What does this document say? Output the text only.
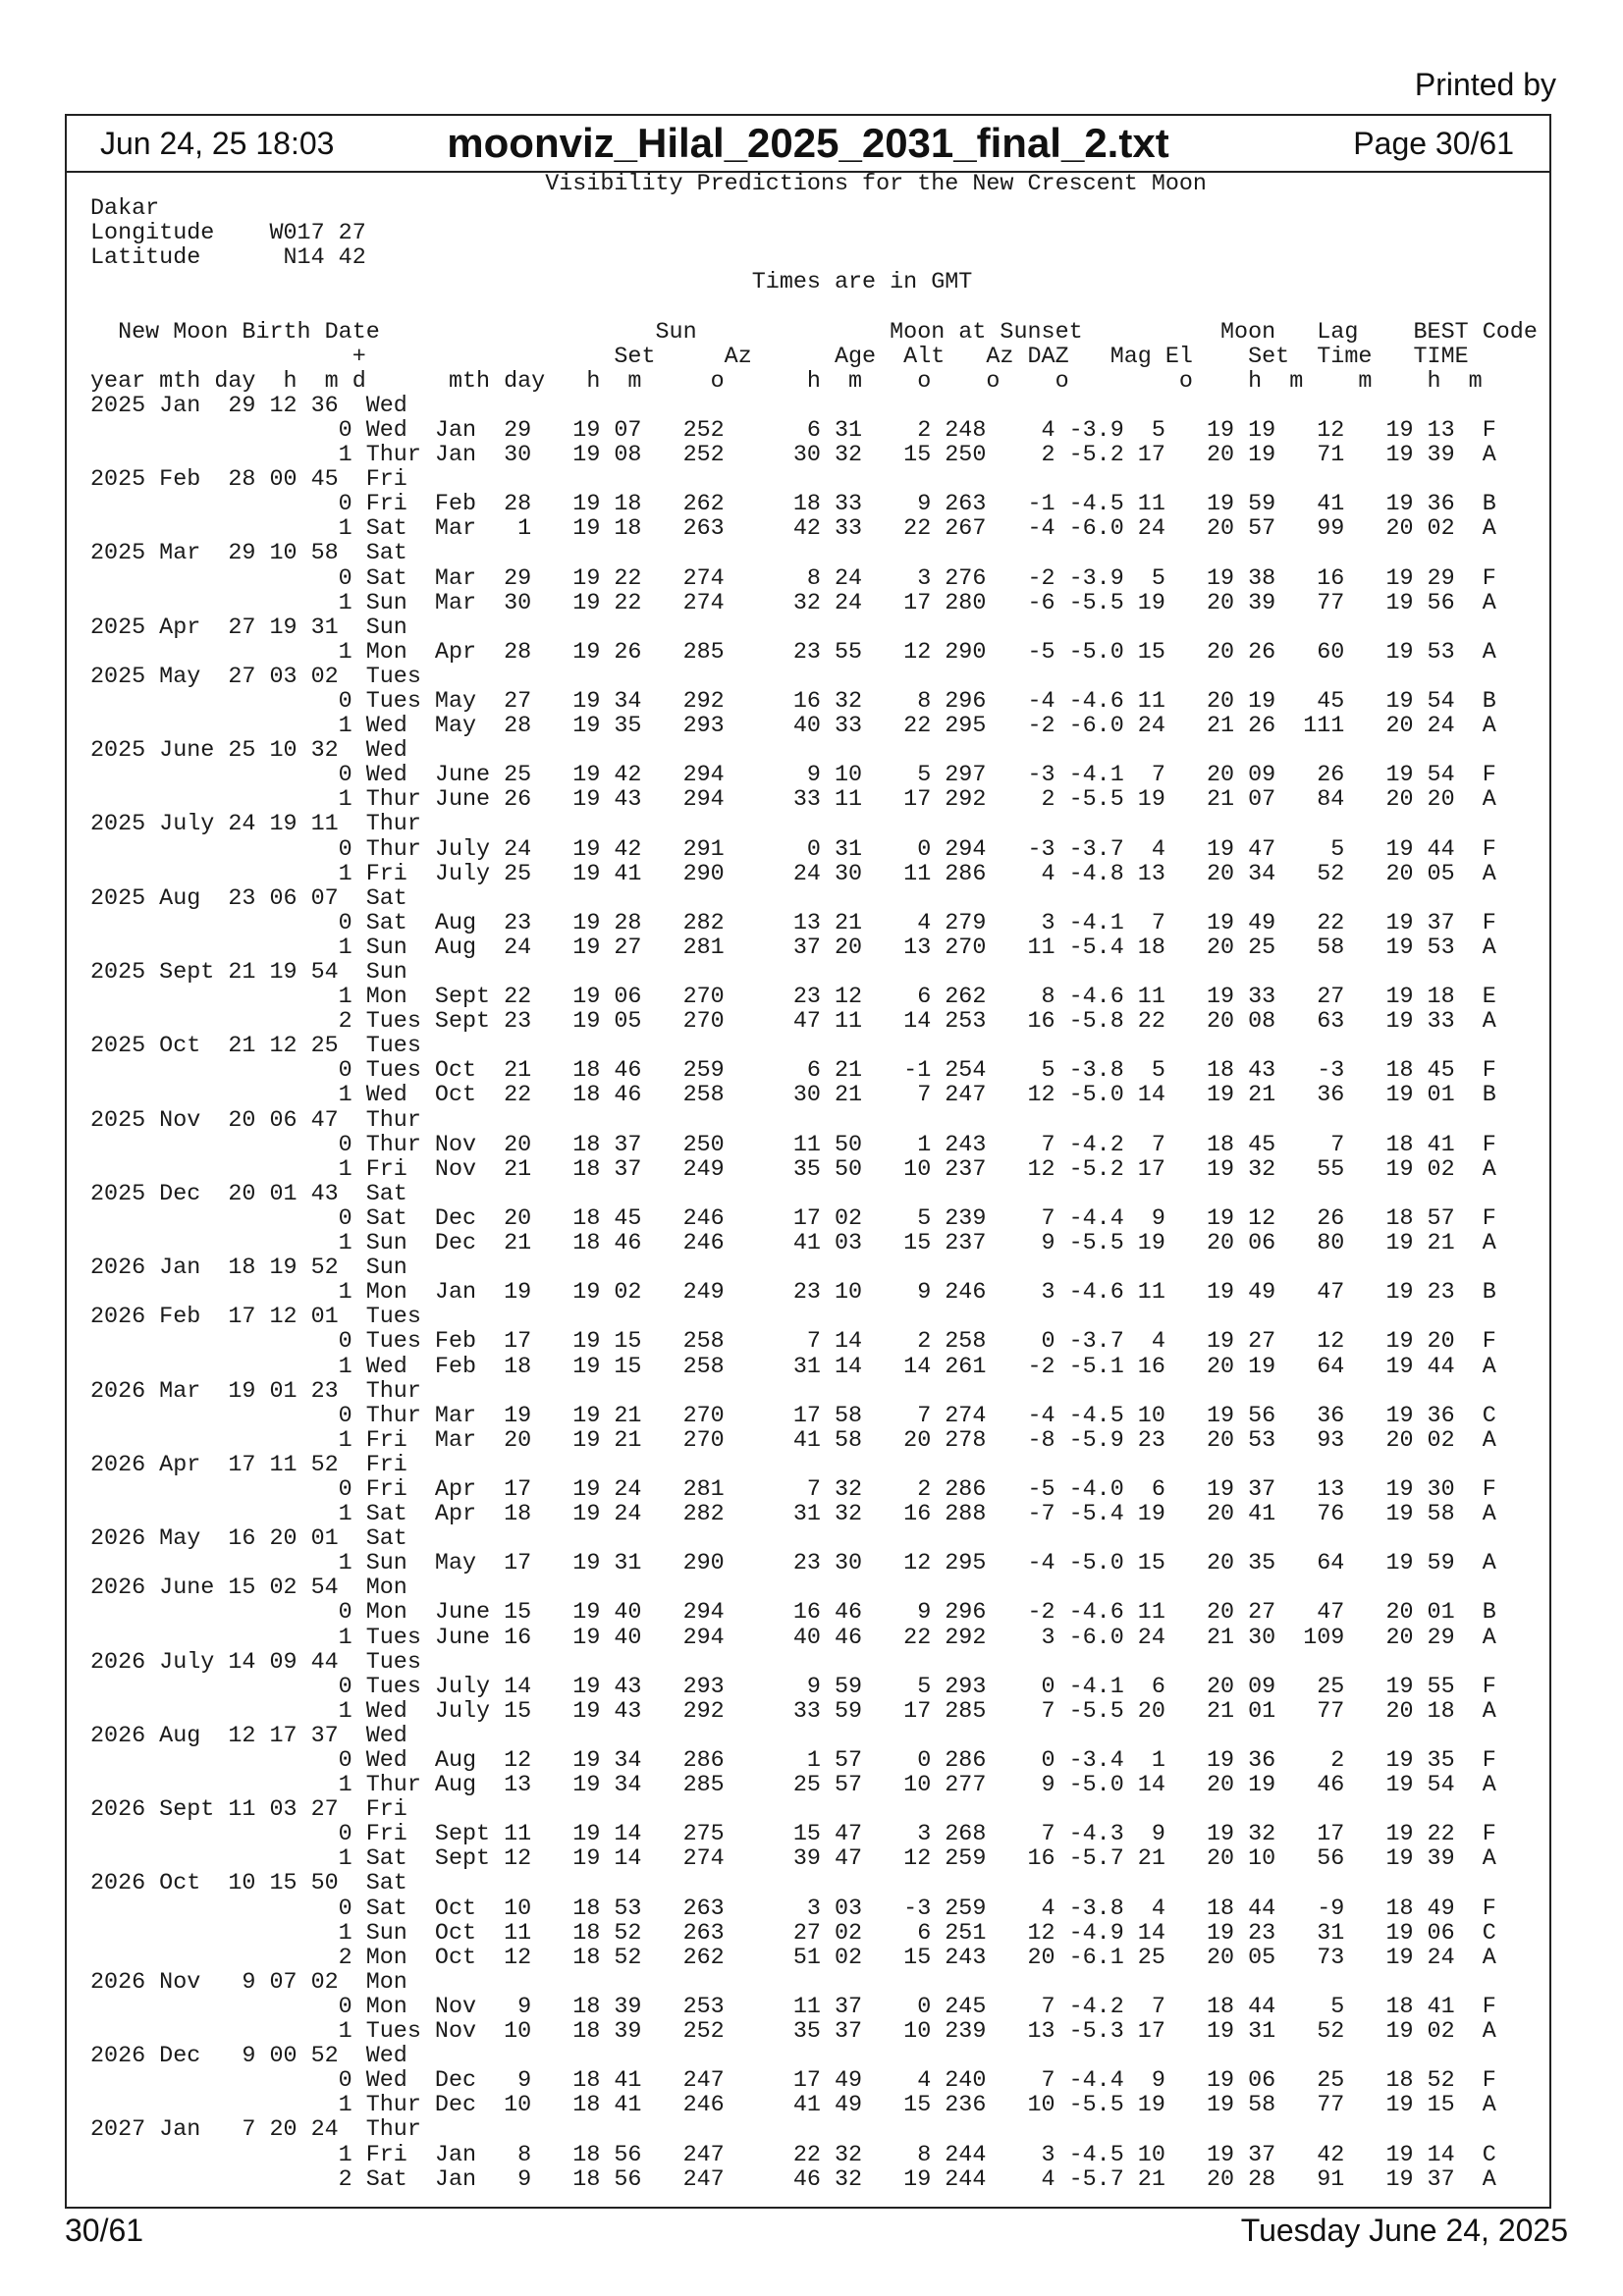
Printed by
Jun 24, 25 18:03	moonviz_Hilal_2025_2031_final_2.txt	Page 30/61
Visibility Predictions for the New Crescent Moon
Dakar
Longitude    W017 27
Latitude      N14 42
Times are in GMT
New Moon Birth Date                    Sun              Moon at Sunset          Moon   Lag    BEST Code
+                  Set     Az      Age  Alt   Az DAZ   Mag El    Set  Time   TIME
year mth day  h  m d      mth day   h  m     o      h  m    o    o    o        o    h  m    m    h  m
2025 Jan  29 12 36  Wed
0 Wed  Jan  29   19 07   252      6 31    2 248    4 -3.9  5   19 19   12   19 13  F
1 Thur Jan  30   19 08   252     30 32   15 250    2 -5.2 17   20 19   71   19 39  A
2025 Feb  28 00 45  Fri
0 Fri  Feb  28   19 18   262     18 33    9 263   -1 -4.5 11   19 59   41   19 36  B
1 Sat  Mar   1   19 18   263     42 33   22 267   -4 -6.0 24   20 57   99   20 02  A
2025 Mar  29 10 58  Sat
0 Sat  Mar  29   19 22   274      8 24    3 276   -2 -3.9  5   19 38   16   19 29  F
1 Sun  Mar  30   19 22   274     32 24   17 280   -6 -5.5 19   20 39   77   19 56  A
2025 Apr  27 19 31  Sun
1 Mon  Apr  28   19 26   285     23 55   12 290   -5 -5.0 15   20 26   60   19 53  A
2025 May  27 03 02  Tues
0 Tues May  27   19 34   292     16 32    8 296   -4 -4.6 11   20 19   45   19 54  B
1 Wed  May  28   19 35   293     40 33   22 295   -2 -6.0 24   21 26  111   20 24  A
2025 June 25 10 32  Wed
0 Wed  June 25   19 42   294      9 10    5 297   -3 -4.1  7   20 09   26   19 54  F
1 Thur June 26   19 43   294     33 11   17 292    2 -5.5 19   21 07   84   20 20  A
2025 July 24 19 11  Thur
0 Thur July 24   19 42   291      0 31    0 294   -3 -3.7  4   19 47    5   19 44  F
1 Fri  July 25   19 41   290     24 30   11 286    4 -4.8 13   20 34   52   20 05  A
2025 Aug  23 06 07  Sat
0 Sat  Aug  23   19 28   282     13 21    4 279    3 -4.1  7   19 49   22   19 37  F
1 Sun  Aug  24   19 27   281     37 20   13 270   11 -5.4 18   20 25   58   19 53  A
2025 Sept 21 19 54  Sun
1 Mon  Sept 22   19 06   270     23 12    6 262    8 -4.6 11   19 33   27   19 18  E
2 Tues Sept 23   19 05   270     47 11   14 253   16 -5.8 22   20 08   63   19 33  A
2025 Oct  21 12 25  Tues
0 Tues Oct  21   18 46   259      6 21   -1 254    5 -3.8  5   18 43   -3   18 45  F
1 Wed  Oct  22   18 46   258     30 21    7 247   12 -5.0 14   19 21   36   19 01  B
2025 Nov  20 06 47  Thur
0 Thur Nov  20   18 37   250     11 50    1 243    7 -4.2  7   18 45    7   18 41  F
1 Fri  Nov  21   18 37   249     35 50   10 237   12 -5.2 17   19 32   55   19 02  A
2025 Dec  20 01 43  Sat
0 Sat  Dec  20   18 45   246     17 02    5 239    7 -4.4  9   19 12   26   18 57  F
1 Sun  Dec  21   18 46   246     41 03   15 237    9 -5.5 19   20 06   80   19 21  A
2026 Jan  18 19 52  Sun
1 Mon  Jan  19   19 02   249     23 10    9 246    3 -4.6 11   19 49   47   19 23  B
2026 Feb  17 12 01  Tues
0 Tues Feb  17   19 15   258      7 14    2 258    0 -3.7  4   19 27   12   19 20  F
1 Wed  Feb  18   19 15   258     31 14   14 261   -2 -5.1 16   20 19   64   19 44  A
2026 Mar  19 01 23  Thur
0 Thur Mar  19   19 21   270     17 58    7 274   -4 -4.5 10   19 56   36   19 36  C
1 Fri  Mar  20   19 21   270     41 58   20 278   -8 -5.9 23   20 53   93   20 02  A
2026 Apr  17 11 52  Fri
0 Fri  Apr  17   19 24   281      7 32    2 286   -5 -4.0  6   19 37   13   19 30  F
1 Sat  Apr  18   19 24   282     31 32   16 288   -7 -5.4 19   20 41   76   19 58  A
2026 May  16 20 01  Sat
1 Sun  May  17   19 31   290     23 30   12 295   -4 -5.0 15   20 35   64   19 59  A
2026 June 15 02 54  Mon
0 Mon  June 15   19 40   294     16 46    9 296   -2 -4.6 11   20 27   47   20 01  B
1 Tues June 16   19 40   294     40 46   22 292    3 -6.0 24   21 30  109   20 29  A
2026 July 14 09 44  Tues
0 Tues July 14   19 43   293      9 59    5 293    0 -4.1  6   20 09   25   19 55  F
1 Wed  July 15   19 43   292     33 59   17 285    7 -5.5 20   21 01   77   20 18  A
2026 Aug  12 17 37  Wed
0 Wed  Aug  12   19 34   286      1 57    0 286    0 -3.4  1   19 36    2   19 35  F
1 Thur Aug  13   19 34   285     25 57   10 277    9 -5.0 14   20 19   46   19 54  A
2026 Sept 11 03 27  Fri
0 Fri  Sept 11   19 14   275     15 47    3 268    7 -4.3  9   19 32   17   19 22  F
1 Sat  Sept 12   19 14   274     39 47   12 259   16 -5.7 21   20 10   56   19 39  A
2026 Oct  10 15 50  Sat
0 Sat  Oct  10   18 53   263      3 03   -3 259    4 -3.8  4   18 44   -9   18 49  F
1 Sun  Oct  11   18 52   263     27 02    6 251   12 -4.9 14   19 23   31   19 06  C
2 Mon  Oct  12   18 52   262     51 02   15 243   20 -6.1 25   20 05   73   19 24  A
2026 Nov   9 07 02  Mon
0 Mon  Nov   9   18 39   253     11 37    0 245    7 -4.2  7   18 44    5   18 41  F
1 Tues Nov  10   18 39   252     35 37   10 239   13 -5.3 17   19 31   52   19 02  A
2026 Dec   9 00 52  Wed
0 Wed  Dec   9   18 41   247     17 49    4 240    7 -4.4  9   19 06   25   18 52  F
1 Thur Dec  10   18 41   246     41 49   15 236   10 -5.5 19   19 58   77   19 15  A
2027 Jan   7 20 24  Thur
1 Fri  Jan   8   18 56   247     22 32    8 244    3 -4.5 10   19 37   42   19 14  C
2 Sat  Jan   9   18 56   247     46 32   19 244    4 -5.7 21   20 28   91   19 37  A
30/61	Tuesday June 24, 2025
